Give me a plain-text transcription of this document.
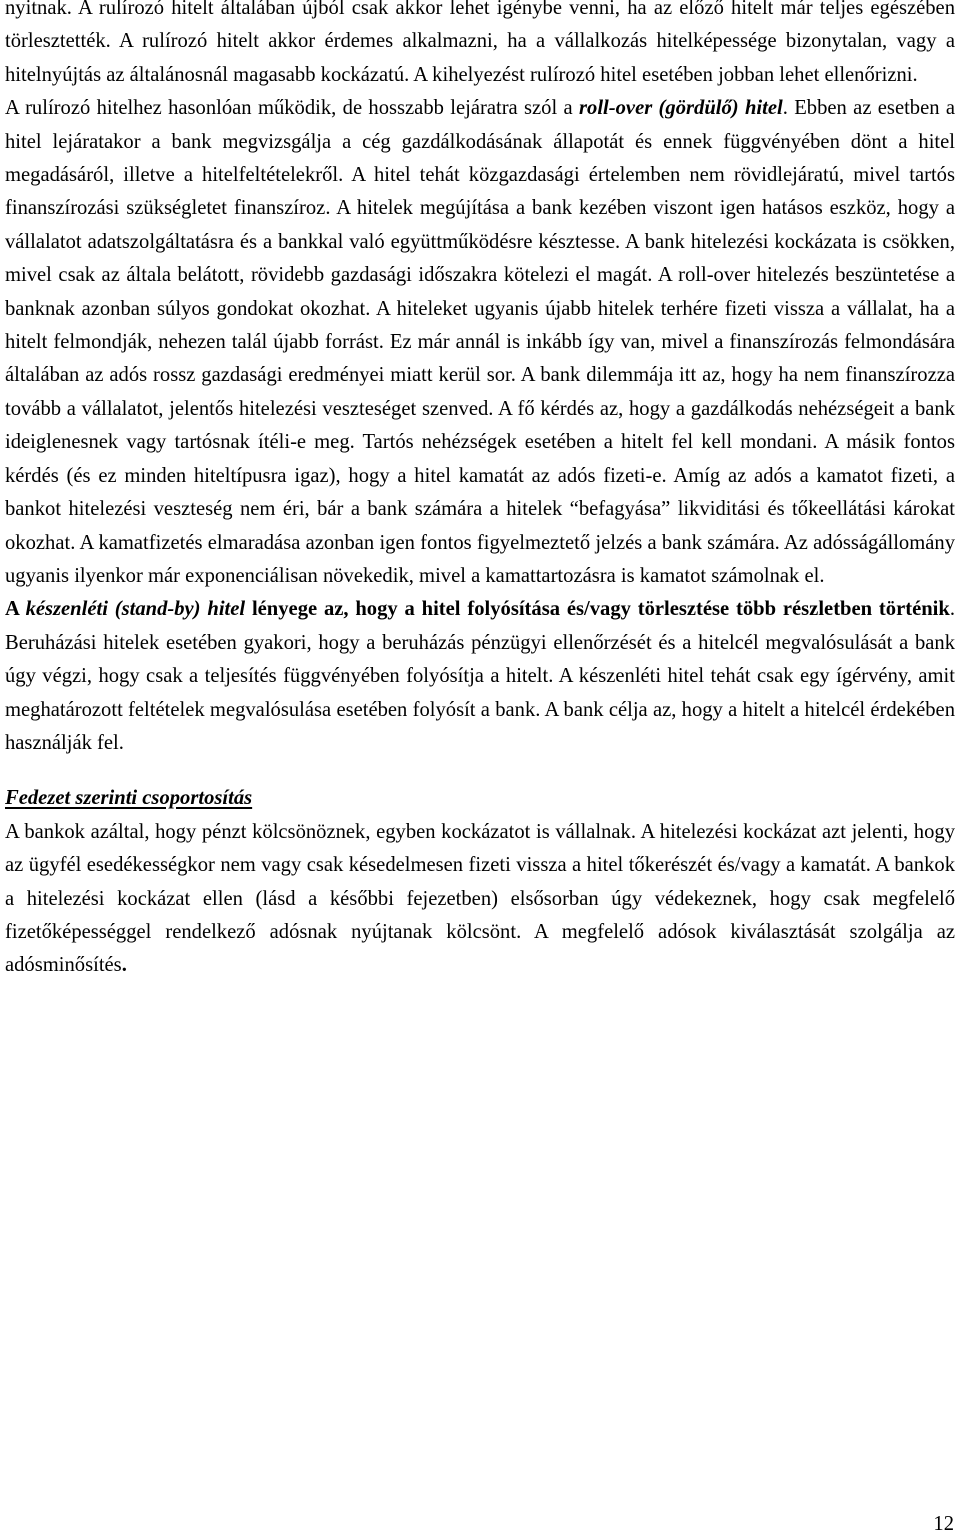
nyitnak. A rulírozó hitelt általában újból csak akkor lehet igénybe venni, ha az előző hitelt már teljes egészében törlesztették. A rulírozó hitelt akkor érdemes alkalmazni, ha a vállalkozás hitelképessége bizonytalan, vagy a hitelnyújtás az általánosnál magasabb kockázatú. A kihelyezést rulírozó hitel esetében jobban lehet ellenőrizni.

A rulírozó hitelhez hasonlóan működik, de hosszabb lejáratra szól a roll-over (gördülő) hitel. Ebben az esetben a hitel lejáratakor a bank megvizsgálja a cég gazdálkodásának állapotát és ennek függvényében dönt a hitel megadásáról, illetve a hitelfeltételekről. A hitel tehát közgazdasági értelemben nem rövidlejáratú, mivel tartós finanszírozási szükségletet finanszíroz. A hitelek megújítása a bank kezében viszont igen hatásos eszköz, hogy a vállalatot adatszolgáltatásra és a bankkal való együttműködésre késztesse. A bank hitelezési kockázata is csökken, mivel csak az általa belátott, rövidebb gazdasági időszakra kötelezi el magát. A roll-over hitelezés beszüntetése a banknak azonban súlyos gondokat okozhat. A hiteleket ugyanis újabb hitelek terhére fizeti vissza a vállalat, ha a hitelt felmondják, nehezen talál újabb forrást. Ez már annál is inkább így van, mivel a finanszírozás felmondására általában az adós rossz gazdasági eredményei miatt kerül sor. A bank dilemmája itt az, hogy ha nem finanszírozza tovább a vállalatot, jelentős hitelezési veszteséget szenved. A fő kérdés az, hogy a gazdálkodás nehézségeit a bank ideiglenesnek vagy tartósnak ítéli-e meg. Tartós nehézségek esetében a hitelt fel kell mondani. A másik fontos kérdés (és ez minden hiteltípusra igaz), hogy a hitel kamatát az adós fizeti-e. Amíg az adós a kamatot fizeti, a bankot hitelezési veszteség nem éri, bár a bank számára a hitelek “befagyása” likviditási és tőkeellátási károkat okozhat. A kamatfizetés elmaradása azonban igen fontos figyelmeztető jelzés a bank számára. Az adósságállomány ugyanis ilyenkor már exponenciálisan növekedik, mivel a kamattartozásra is kamatot számolnak el.

A készenléti (stand-by) hitel lényege az, hogy a hitel folyósítása és/vagy törlesztése több részletben történik. Beruházási hitelek esetében gyakori, hogy a beruházás pénzügyi ellenőrzését és a hitelcél megvalósulását a bank úgy végzi, hogy csak a teljesítés függvényében folyósítja a hitelt. A készenléti hitel tehát csak egy ígérvény, amit meghatározott feltételek megvalósulása esetében folyósít a bank. A bank célja az, hogy a hitelt a hitelcél érdekében használják fel.

Fedezet szerinti csoportosítás

A bankok azáltal, hogy pénzt kölcsönöznek, egyben kockázatot is vállalnak. A hitelezési kockázat azt jelenti, hogy az ügyfél esedékességkor nem vagy csak késedelmesen fizeti vissza a hitel tőkerészét és/vagy a kamatát. A bankok a hitelezési kockázat ellen (lásd a későbbi fejezetben) elsősorban úgy védekeznek, hogy csak megfelelő fizetőképességgel rendelkező adósnak nyújtanak kölcsönt. A megfelelő adósok kiválasztását szolgálja az adósminősítés.

12
